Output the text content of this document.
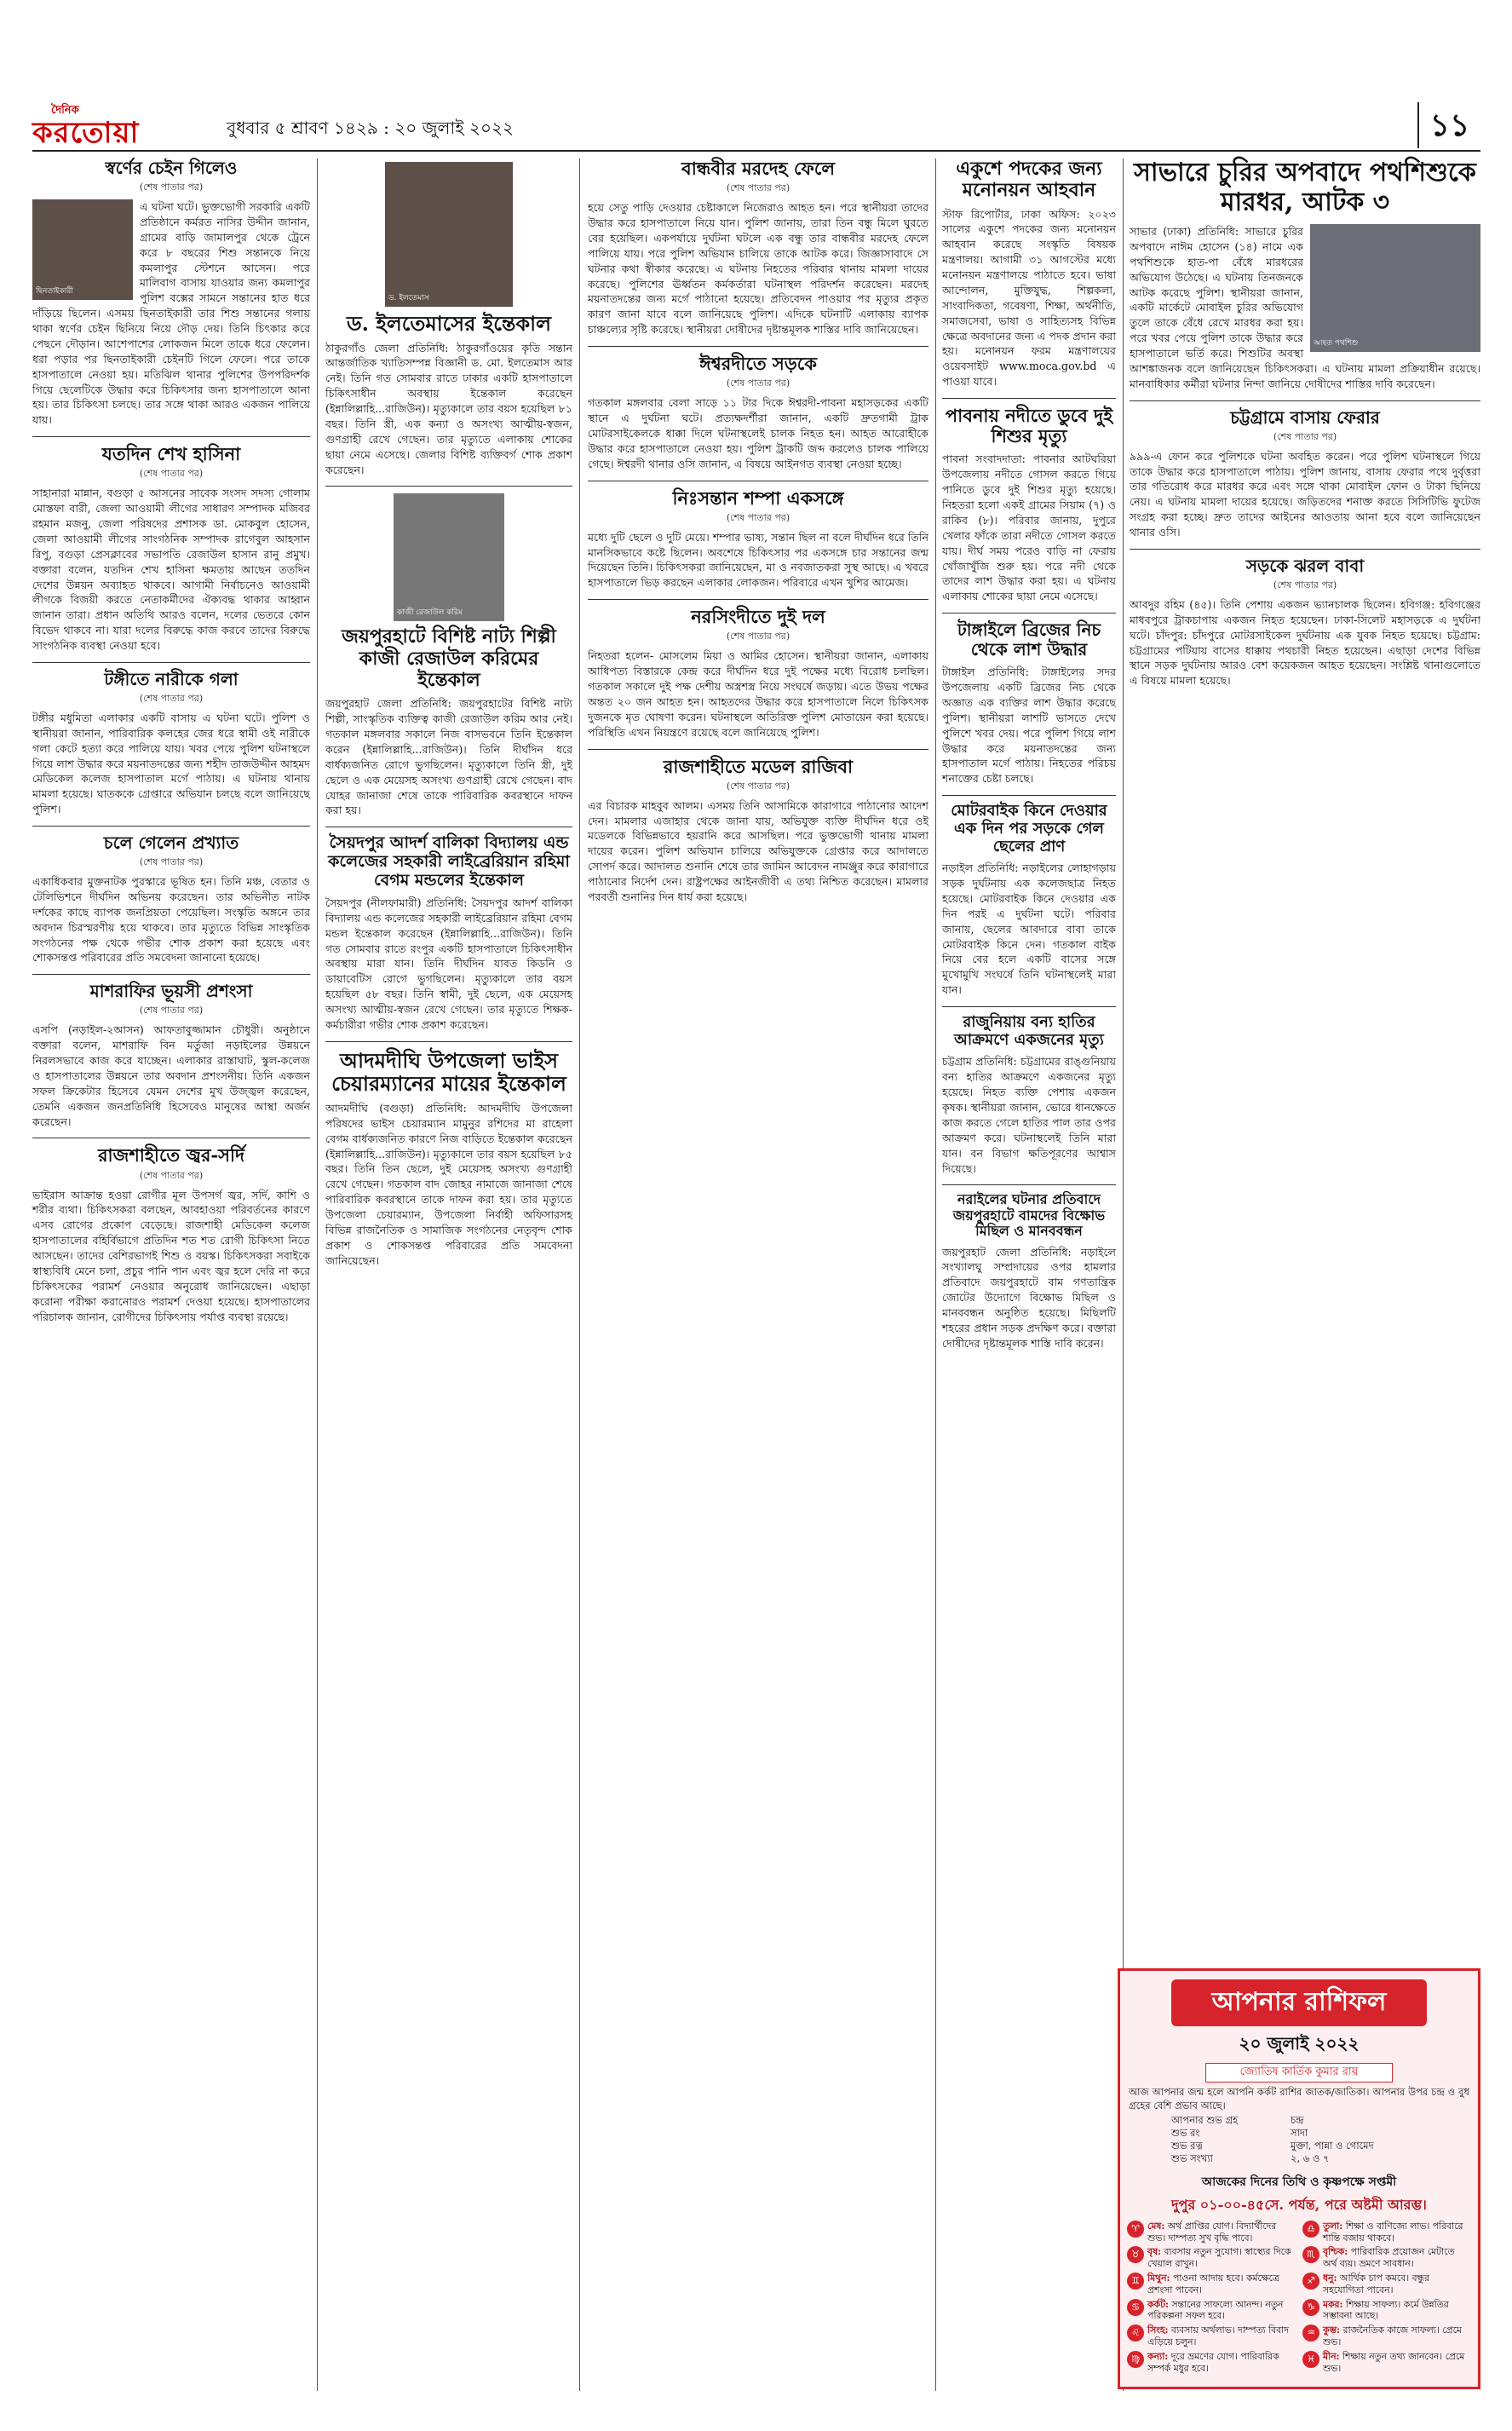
দৈনিক
করতোয়া	বুধবার ৫ শ্রাবণ ১৪২৯ : ২০ জুলাই ২০২২	১১
স্বর্ণের চেইন গিলেও
(শেষ পাতার পর)
ছিনতাইকারী
এ ঘটনা ঘটে। ভুক্তভোগী সরকারি একটি প্রতিষ্ঠানে কর্মরত নাসির উদ্দীন জানান, গ্রামের বাড়ি জামালপুর থেকে ট্রেনে করে ৮ বছরের শিশু সন্তানকে নিয়ে কমলাপুর স্টেশনে আসেন। পরে মালিবাগ বাসায় যাওয়ার জন্য কমলাপুর পুলিশ বক্সের সামনে সন্তানের হাত ধরে দাঁড়িয়ে ছিলেন। এসময় ছিনতাইকারী তার শিশু সন্তানের গলায় থাকা স্বর্ণের চেইন ছিনিয়ে নিয়ে দৌড় দেয়। তিনি চিৎকার করে পেছনে দৌড়ান। আশেপাশের লোকজন মিলে তাকে ধরে ফেলেন। ধরা পড়ার পর ছিনতাইকারী চেইনটি গিলে ফেলে। পরে তাকে হাসপাতালে নেওয়া হয়। মতিঝিল থানার পুলিশের উপপরিদর্শক গিয়ে ছেলেটিকে উদ্ধার করে চিকিৎসার জন্য হাসপাতালে আনা হয়। তার চিকিৎসা চলছে। তার সঙ্গে থাকা আরও একজন পালিয়ে যায়।
যতদিন শেখ হাসিনা
(শেষ পাতার পর)
সাহানারা মান্নান, বগুড়া ৫ আসনের সাবেক সংসদ সদস্য গোলাম মোস্তফা বারী, জেলা আওয়ামী লীগের সাধারণ সম্পাদক মজিবর রহমান মজনু, জেলা পরিষদের প্রশাসক ডা. মোকবুল হোসেন, জেলা আওয়ামী লীগের সাংগঠনিক সম্পাদক রাগেবুল আহসান রিপু, বগুড়া প্রেসক্লাবের সভাপতি রেজাউল হাসান রানু প্রমুখ। বক্তারা বলেন, যতদিন শেখ হাসিনা ক্ষমতায় আছেন ততদিন দেশের উন্নয়ন অব্যাহত থাকবে। আগামী নির্বাচনেও আওয়ামী লীগকে বিজয়ী করতে নেতাকর্মীদের ঐক্যবদ্ধ থাকার আহ্বান জানান তারা। প্রধান অতিথি আরও বলেন, দলের ভেতরে কোন বিভেদ থাকবে না। যারা দলের বিরুদ্ধে কাজ করবে তাদের বিরুদ্ধে সাংগঠনিক ব্যবস্থা নেওয়া হবে।
টঙ্গীতে নারীকে গলা
(শেষ পাতার পর)
টঙ্গীর মধুমিতা এলাকার একটি বাসায় এ ঘটনা ঘটে। পুলিশ ও স্থানীয়রা জানান, পারিবারিক কলহের জের ধরে স্বামী ওই নারীকে গলা কেটে হত্যা করে পালিয়ে যায়। খবর পেয়ে পুলিশ ঘটনাস্থলে গিয়ে লাশ উদ্ধার করে ময়নাতদন্তের জন্য শহীদ তাজউদ্দীন আহমদ মেডিকেল কলেজ হাসপাতাল মর্গে পাঠায়। এ ঘটনায় থানায় মামলা হয়েছে। ঘাতককে গ্রেপ্তারে অভিযান চলছে বলে জানিয়েছে পুলিশ।
চলে গেলেন প্রখ্যাত
(শেষ পাতার পর)
একাধিকবার মুক্তনাটক পুরস্কারে ভূষিত হন। তিনি মঞ্চ, বেতার ও টেলিভিশনে দীর্ঘদিন অভিনয় করেছেন। তার অভিনীত নাটক দর্শকের কাছে ব্যাপক জনপ্রিয়তা পেয়েছিল। সংস্কৃতি অঙ্গনে তার অবদান চিরস্মরণীয় হয়ে থাকবে। তার মৃত্যুতে বিভিন্ন সাংস্কৃতিক সংগঠনের পক্ষ থেকে গভীর শোক প্রকাশ করা হয়েছে এবং শোকসন্তপ্ত পরিবারের প্রতি সমবেদনা জানানো হয়েছে।
মাশরাফির ভূয়সী প্রশংসা
(শেষ পাতার পর)
এসপি (নড়াইল-২আসন) আফতাবুজ্জামান চৌধুরী। অনুষ্ঠানে বক্তারা বলেন, মাশরাফি বিন মর্তুজা নড়াইলের উন্নয়নে নিরলসভাবে কাজ করে যাচ্ছেন। এলাকার রাস্তাঘাট, স্কুল-কলেজ ও হাসপাতালের উন্নয়নে তার অবদান প্রশংসনীয়। তিনি একজন সফল ক্রিকেটার হিসেবে যেমন দেশের মুখ উজ্জ্বল করেছেন, তেমনি একজন জনপ্রতিনিধি হিসেবেও মানুষের আস্থা অর্জন করেছেন।
রাজশাহীতে জ্বর-সর্দি
(শেষ পাতার পর)
ভাইরাস আক্রান্ত হওয়া রোগীর মূল উপসর্গ জ্বর, সর্দি, কাশি ও শরীর ব্যথা। চিকিৎসকরা বলছেন, আবহাওয়া পরিবর্তনের কারণে এসব রোগের প্রকোপ বেড়েছে। রাজশাহী মেডিকেল কলেজ হাসপাতালের বহির্বিভাগে প্রতিদিন শত শত রোগী চিকিৎসা নিতে আসছেন। তাদের বেশিরভাগই শিশু ও বয়স্ক। চিকিৎসকরা সবাইকে স্বাস্থ্যবিধি মেনে চলা, প্রচুর পানি পান এবং জ্বর হলে দেরি না করে চিকিৎসকের পরামর্শ নেওয়ার অনুরোধ জানিয়েছেন। এছাড়া করোনা পরীক্ষা করানোরও পরামর্শ দেওয়া হয়েছে। হাসপাতালের পরিচালক জানান, রোগীদের চিকিৎসায় পর্যাপ্ত ব্যবস্থা রয়েছে।
ড. ইলতেমাস
ড. ইলতেমাসের ইন্তেকাল
ঠাকুরগাঁও জেলা প্রতিনিধি: ঠাকুরগাঁওয়ের কৃতি সন্তান আন্তর্জাতিক খ্যাতিসম্পন্ন বিজ্ঞানী ড. মো. ইলতেমাস আর নেই। তিনি গত সোমবার রাতে ঢাকার একটি হাসপাতালে চিকিৎসাধীন অবস্থায় ইন্তেকাল করেছেন (ইন্নালিল্লাহি...রাজিউন)। মৃত্যুকালে তার বয়স হয়েছিল ৮১ বছর। তিনি স্ত্রী, এক কন্যা ও অসংখ্য আত্মীয়-স্বজন, গুণগ্রাহী রেখে গেছেন। তার মৃত্যুতে এলাকায় শোকের ছায়া নেমে এসেছে। জেলার বিশিষ্ট ব্যক্তিবর্গ শোক প্রকাশ করেছেন।
কাজী রেজাউল করিম
জয়পুরহাটে বিশিষ্ট নাট্য শিল্পী কাজী রেজাউল করিমের ইন্তেকাল
জয়পুরহাট জেলা প্রতিনিধি: জয়পুরহাটের বিশিষ্ট নাট্য শিল্পী, সাংস্কৃতিক ব্যক্তিত্ব কাজী রেজাউল করিম আর নেই। গতকাল মঙ্গলবার সকালে নিজ বাসভবনে তিনি ইন্তেকাল করেন (ইন্নালিল্লাহি...রাজিউন)। তিনি দীর্ঘদিন ধরে বার্ধক্যজনিত রোগে ভুগছিলেন। মৃত্যুকালে তিনি স্ত্রী, দুই ছেলে ও এক মেয়েসহ অসংখ্য গুণগ্রাহী রেখে গেছেন। বাদ যোহর জানাজা শেষে তাকে পারিবারিক কবরস্থানে দাফন করা হয়।
সৈয়দপুর আদর্শ বালিকা বিদ্যালয় এন্ড কলেজের সহকারী লাইব্রেরিয়ান রহিমা বেগম মন্ডলের ইন্তেকাল
সৈয়দপুর (নীলফামারী) প্রতিনিধি: সৈয়দপুর আদর্শ বালিকা বিদ্যালয় এন্ড কলেজের সহকারী লাইব্রেরিয়ান রহিমা বেগম মন্ডল ইন্তেকাল করেছেন (ইন্নালিল্লাহি...রাজিউন)। তিনি গত সোমবার রাতে রংপুর একটি হাসপাতালে চিকিৎসাধীন অবস্থায় মারা যান। তিনি দীর্ঘদিন যাবত কিডনি ও ডায়াবেটিস রোগে ভুগছিলেন। মৃত্যুকালে তার বয়স হয়েছিল ৫৮ বছর। তিনি স্বামী, দুই ছেলে, এক মেয়েসহ অসংখ্য আত্মীয়-স্বজন রেখে গেছেন। তার মৃত্যুতে শিক্ষক-কর্মচারীরা গভীর শোক প্রকাশ করেছেন।
আদমদীঘি উপজেলা ভাইস চেয়ারম্যানের মায়ের ইন্তেকাল
আদমদীঘি (বগুড়া) প্রতিনিধি: আদমদীঘি উপজেলা পরিষদের ভাইস চেয়ারম্যান মামুনুর রশিদের মা রাহেলা বেগম বার্ধক্যজনিত কারণে নিজ বাড়িতে ইন্তেকাল করেছেন (ইন্নালিল্লাহি...রাজিউন)। মৃত্যুকালে তার বয়স হয়েছিল ৮৫ বছর। তিনি তিন ছেলে, দুই মেয়েসহ অসংখ্য গুণগ্রাহী রেখে গেছেন। গতকাল বাদ জোহর নামাজে জানাজা শেষে পারিবারিক কবরস্থানে তাকে দাফন করা হয়। তার মৃত্যুতে উপজেলা চেয়ারম্যান, উপজেলা নির্বাহী অফিসারসহ বিভিন্ন রাজনৈতিক ও সামাজিক সংগঠনের নেতৃবৃন্দ শোক প্রকাশ ও শোকসন্তপ্ত পরিবারের প্রতি সমবেদনা জানিয়েছেন।
বান্ধবীর মরদেহ ফেলে
(শেষ পাতার পর)
হয়ে সেতু পাড়ি দেওয়ার চেষ্টাকালে নিজেরাও আহত হন। পরে স্থানীয়রা তাদের উদ্ধার করে হাসপাতালে নিয়ে যান। পুলিশ জানায়, তারা তিন বন্ধু মিলে ঘুরতে বের হয়েছিল। একপর্যায়ে দুর্ঘটনা ঘটলে এক বন্ধু তার বান্ধবীর মরদেহ ফেলে পালিয়ে যায়। পরে পুলিশ অভিযান চালিয়ে তাকে আটক করে। জিজ্ঞাসাবাদে সে ঘটনার কথা স্বীকার করেছে। এ ঘটনায় নিহতের পরিবার থানায় মামলা দায়ের করেছে। পুলিশের ঊর্ধ্বতন কর্মকর্তারা ঘটনাস্থল পরিদর্শন করেছেন। মরদেহ ময়নাতদন্তের জন্য মর্গে পাঠানো হয়েছে। প্রতিবেদন পাওয়ার পর মৃত্যুর প্রকৃত কারণ জানা যাবে বলে জানিয়েছে পুলিশ। এদিকে ঘটনাটি এলাকায় ব্যাপক চাঞ্চল্যের সৃষ্টি করেছে। স্থানীয়রা দোষীদের দৃষ্টান্তমূলক শাস্তির দাবি জানিয়েছেন।
ঈশ্বরদীতে সড়কে
(শেষ পাতার পর)
গতকাল মঙ্গলবার বেলা সাড়ে ১১ টার দিকে ঈশ্বরদী-পাবনা মহাসড়কের একটি স্থানে এ দুর্ঘটনা ঘটে। প্রত্যক্ষদর্শীরা জানান, একটি দ্রুতগামী ট্রাক মোটরসাইকেলকে ধাক্কা দিলে ঘটনাস্থলেই চালক নিহত হন। আহত আরোহীকে উদ্ধার করে হাসপাতালে নেওয়া হয়। পুলিশ ট্রাকটি জব্দ করলেও চালক পালিয়ে গেছে। ঈশ্বরদী থানার ওসি জানান, এ বিষয়ে আইনগত ব্যবস্থা নেওয়া হচ্ছে।
নিঃসন্তান শম্পা একসঙ্গে
(শেষ পাতার পর)
মধ্যে দুটি ছেলে ও দুটি মেয়ে। শম্পার ভাষ্য, সন্তান ছিল না বলে দীর্ঘদিন ধরে তিনি মানসিকভাবে কষ্টে ছিলেন। অবশেষে চিকিৎসার পর একসঙ্গে চার সন্তানের জন্ম দিয়েছেন তিনি। চিকিৎসকরা জানিয়েছেন, মা ও নবজাতকরা সুস্থ আছে। এ খবরে হাসপাতালে ভিড় করছেন এলাকার লোকজন। পরিবারে এখন খুশির আমেজ।
নরসিংদীতে দুই দল
(শেষ পাতার পর)
নিহতরা হলেন- মোসলেম মিয়া ও আমির হোসেন। স্থানীয়রা জানান, এলাকায় আধিপত্য বিস্তারকে কেন্দ্র করে দীর্ঘদিন ধরে দুই পক্ষের মধ্যে বিরোধ চলছিল। গতকাল সকালে দুই পক্ষ দেশীয় অস্ত্রশস্ত্র নিয়ে সংঘর্ষে জড়ায়। এতে উভয় পক্ষের অন্তত ২০ জন আহত হন। আহতদের উদ্ধার করে হাসপাতালে নিলে চিকিৎসক দুজনকে মৃত ঘোষণা করেন। ঘটনাস্থলে অতিরিক্ত পুলিশ মোতায়েন করা হয়েছে। পরিস্থিতি এখন নিয়ন্ত্রণে রয়েছে বলে জানিয়েছে পুলিশ।
রাজশাহীতে মডেল রাজিবা
(শেষ পাতার পর)
এর বিচারক মাহবুব আলম। এসময় তিনি আসামিকে কারাগারে পাঠানোর আদেশ দেন। মামলার এজাহার থেকে জানা যায়, অভিযুক্ত ব্যক্তি দীর্ঘদিন ধরে ওই মডেলকে বিভিন্নভাবে হয়রানি করে আসছিল। পরে ভুক্তভোগী থানায় মামলা দায়ের করেন। পুলিশ অভিযান চালিয়ে অভিযুক্তকে গ্রেপ্তার করে আদালতে সোপর্দ করে। আদালত শুনানি শেষে তার জামিন আবেদন নামঞ্জুর করে কারাগারে পাঠানোর নির্দেশ দেন। রাষ্ট্রপক্ষের আইনজীবী এ তথ্য নিশ্চিত করেছেন। মামলার পরবর্তী শুনানির দিন ধার্য করা হয়েছে।
একুশে পদকের জন্য মনোনয়ন আহবান
স্টাফ রিপোর্টার, ঢাকা অফিস: ২০২৩ সালের একুশে পদকের জন্য মনোনয়ন আহবান করেছে সংস্কৃতি বিষয়ক মন্ত্রণালয়। আগামী ৩১ আগস্টের মধ্যে মনোনয়ন মন্ত্রণালয়ে পাঠাতে হবে। ভাষা আন্দোলন, মুক্তিযুদ্ধ, শিল্পকলা, সাংবাদিকতা, গবেষণা, শিক্ষা, অর্থনীতি, সমাজসেবা, ভাষা ও সাহিত্যসহ বিভিন্ন ক্ষেত্রে অবদানের জন্য এ পদক প্রদান করা হয়। মনোনয়ন ফরম মন্ত্রণালয়ের ওয়েবসাইট www.moca.gov.bd এ পাওয়া যাবে।
পাবনায় নদীতে ডুবে দুই শিশুর মৃত্যু
পাবনা সংবাদদাতা: পাবনার আটঘরিয়া উপজেলায় নদীতে গোসল করতে গিয়ে পানিতে ডুবে দুই শিশুর মৃত্যু হয়েছে। নিহতরা হলো একই গ্রামের সিয়াম (৭) ও রাকিব (৮)। পরিবার জানায়, দুপুরে খেলার ফাঁকে তারা নদীতে গোসল করতে যায়। দীর্ঘ সময় পরেও বাড়ি না ফেরায় খোঁজাখুঁজি শুরু হয়। পরে নদী থেকে তাদের লাশ উদ্ধার করা হয়। এ ঘটনায় এলাকায় শোকের ছায়া নেমে এসেছে।
টাঙ্গাইলে ব্রিজের নিচ থেকে লাশ উদ্ধার
টাঙ্গাইল প্রতিনিধি: টাঙ্গাইলের সদর উপজেলায় একটি ব্রিজের নিচ থেকে অজ্ঞাত এক ব্যক্তির লাশ উদ্ধার করেছে পুলিশ। স্থানীয়রা লাশটি ভাসতে দেখে পুলিশে খবর দেয়। পরে পুলিশ গিয়ে লাশ উদ্ধার করে ময়নাতদন্তের জন্য হাসপাতাল মর্গে পাঠায়। নিহতের পরিচয় শনাক্তের চেষ্টা চলছে।
মোটরবাইক কিনে দেওয়ার এক দিন পর সড়কে গেল ছেলের প্রাণ
নড়াইল প্রতিনিধি: নড়াইলের লোহাগড়ায় সড়ক দুর্ঘটনায় এক কলেজছাত্র নিহত হয়েছে। মোটরবাইক কিনে দেওয়ার এক দিন পরই এ দুর্ঘটনা ঘটে। পরিবার জানায়, ছেলের আবদারে বাবা তাকে মোটরবাইক কিনে দেন। গতকাল বাইক নিয়ে বের হলে একটি বাসের সঙ্গে মুখোমুখি সংঘর্ষে তিনি ঘটনাস্থলেই মারা যান।
রাজুনিয়ায় বন্য হাতির আক্রমণে একজনের মৃত্যু
চট্টগ্রাম প্রতিনিধি: চট্টগ্রামের রাঙ্গুনিয়ায় বন্য হাতির আক্রমণে একজনের মৃত্যু হয়েছে। নিহত ব্যক্তি পেশায় একজন কৃষক। স্থানীয়রা জানান, ভোরে ধানক্ষেতে কাজ করতে গেলে হাতির পাল তার ওপর আক্রমণ করে। ঘটনাস্থলেই তিনি মারা যান। বন বিভাগ ক্ষতিপূরণের আশ্বাস দিয়েছে।
নরাইলের ঘটনার প্রতিবাদে জয়পুরহাটে বামদের বিক্ষোভ মিছিল ও মানববন্ধন
জয়পুরহাট জেলা প্রতিনিধি: নড়াইলে সংখ্যালঘু সম্প্রদায়ের ওপর হামলার প্রতিবাদে জয়পুরহাটে বাম গণতান্ত্রিক জোটের উদ্যোগে বিক্ষোভ মিছিল ও মানববন্ধন অনুষ্ঠিত হয়েছে। মিছিলটি শহরের প্রধান সড়ক প্রদক্ষিণ করে। বক্তারা দোষীদের দৃষ্টান্তমূলক শাস্তি দাবি করেন।
সাভারে চুরির অপবাদে পথশিশুকে মারধর, আটক ৩
আহত পথশিশু
সাভার (ঢাকা) প্রতিনিধি: সাভারে চুরির অপবাদে নাঈম হোসেন (১৪) নামে এক পথশিশুকে হাত-পা বেঁধে মারধরের অভিযোগ উঠেছে। এ ঘটনায় তিনজনকে আটক করেছে পুলিশ। স্থানীয়রা জানান, একটি মার্কেটে মোবাইল চুরির অভিযোগ তুলে তাকে বেঁধে রেখে মারধর করা হয়। পরে খবর পেয়ে পুলিশ তাকে উদ্ধার করে হাসপাতালে ভর্তি করে। শিশুটির অবস্থা আশঙ্কাজনক বলে জানিয়েছেন চিকিৎসকরা। এ ঘটনায় মামলা প্রক্রিয়াধীন রয়েছে। মানবাধিকার কর্মীরা ঘটনার নিন্দা জানিয়ে দোষীদের শাস্তির দাবি করেছেন।
চট্টগ্রামে বাসায় ফেরার
(শেষ পাতার পর)
৯৯৯-এ ফোন করে পুলিশকে ঘটনা অবহিত করেন। পরে পুলিশ ঘটনাস্থলে গিয়ে তাকে উদ্ধার করে হাসপাতালে পাঠায়। পুলিশ জানায়, বাসায় ফেরার পথে দুর্বৃত্তরা তার গতিরোধ করে মারধর করে এবং সঙ্গে থাকা মোবাইল ফোন ও টাকা ছিনিয়ে নেয়। এ ঘটনায় মামলা দায়ের হয়েছে। জড়িতদের শনাক্ত করতে সিসিটিভি ফুটেজ সংগ্রহ করা হচ্ছে। দ্রুত তাদের আইনের আওতায় আনা হবে বলে জানিয়েছেন থানার ওসি।
সড়কে ঝরল বাবা
(শেষ পাতার পর)
আবদুর রহিম (৪৫)। তিনি পেশায় একজন ভ্যানচালক ছিলেন। হবিগঞ্জ: হবিগঞ্জের মাধবপুরে ট্রাকচাপায় একজন নিহত হয়েছেন। ঢাকা-সিলেট মহাসড়কে এ দুর্ঘটনা ঘটে। চাঁদপুর: চাঁদপুরে মোটরসাইকেল দুর্ঘটনায় এক যুবক নিহত হয়েছে। চট্টগ্রাম: চট্টগ্রামের পটিয়ায় বাসের ধাক্কায় পথচারী নিহত হয়েছেন। এছাড়া দেশের বিভিন্ন স্থানে সড়ক দুর্ঘটনায় আরও বেশ কয়েকজন আহত হয়েছেন। সংশ্লিষ্ট থানাগুলোতে এ বিষয়ে মামলা হয়েছে।
আপনার রাশিফল
২০ জুলাই ২০২২
জ্যোতিষ কার্তিক কুমার রায়
আজ আপনার জন্ম হলে আপনি কর্কট রাশির জাতক/জাতিকা। আপনার উপর চন্দ্র ও বুধ গ্রহের বেশি প্রভাব আছে।
আপনার শুভ গ্রহ	চন্দ্র
শুভ রং	সাদা
শুভ রত্ন	মুক্তা, পান্না ও গোমেদ
শুভ সংখ্যা	২, ৬ ও ৭
আজকের দিনের তিথি ও কৃষ্ণপক্ষে সপ্তমী
দুপুর ০১-০০-৪৫সে. পর্যন্ত, পরে অষ্টমী আরম্ভ।
♈ মেষ: অর্থ প্রাপ্তির যোগ। বিদ্যার্থীদের শুভ। দাম্পত্য সুখ বৃদ্ধি পাবে।
♎ তুলা: শিক্ষা ও বাণিজ্যে লাভ। পরিবারে শান্তি বজায় থাকবে।
♉ বৃষ: ব্যবসায় নতুন সুযোগ। স্বাস্থ্যের দিকে খেয়াল রাখুন।
♏ বৃশ্চিক: পারিবারিক প্রয়োজন মেটাতে অর্থ ব্যয়। ভ্রমণে সাবধান।
♊ মিথুন: পাওনা আদায় হবে। কর্মক্ষেত্রে প্রশংসা পাবেন।
♐ ধনু: আর্থিক চাপ কমবে। বন্ধুর সহযোগিতা পাবেন।
♋ কর্কট: সন্তানের সাফল্যে আনন্দ। নতুন পরিকল্পনা সফল হবে।
♑ মকর: শিক্ষায় সাফল্য। কর্মে উন্নতির সম্ভাবনা আছে।
♌ সিংহ: ব্যবসায় অর্থলাভ। দাম্পত্য বিবাদ এড়িয়ে চলুন।
♒ কুম্ভ: রাজনৈতিক কাজে সাফল্য। প্রেমে শুভ।
♍ কন্যা: দূরে ভ্রমণের যোগ। পারিবারিক সম্পর্ক মধুর হবে।
♓ মীন: শিক্ষায় নতুন তথ্য জানবেন। প্রেমে শুভ।
